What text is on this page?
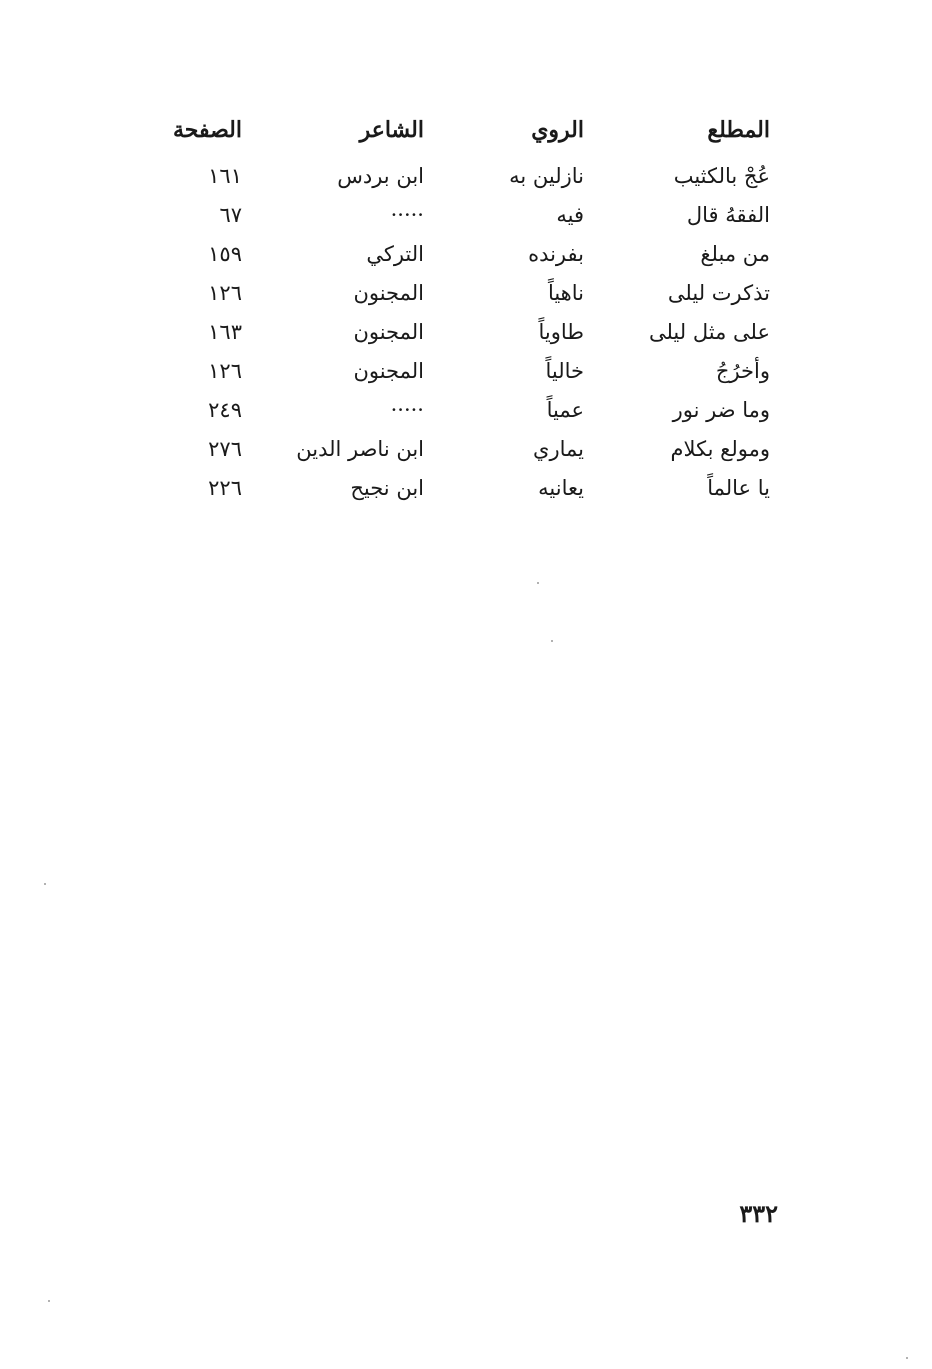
المطلع
الروي
الشاعر
الصفحة
عُجْ بالكثيب
نازلين به
ابن بردس
١٦١
الفقهُ قال
فيه
·····
٦٧
من مبلغ
بفرنده
التركي
١٥٩
تذكرت ليلى
ناهياً
المجنون
١٢٦
على مثل ليلى
طاوياً
المجنون
١٦٣
وأخرُجُ
خالياً
المجنون
١٢٦
وما ضر نور
عمياً
·····
٢٤٩
ومولع بكلام
يماري
ابن ناصر الدين
٢٧٦
يا عالماً
يعانيه
ابن نجيح
٢٢٦
٣٣٢
